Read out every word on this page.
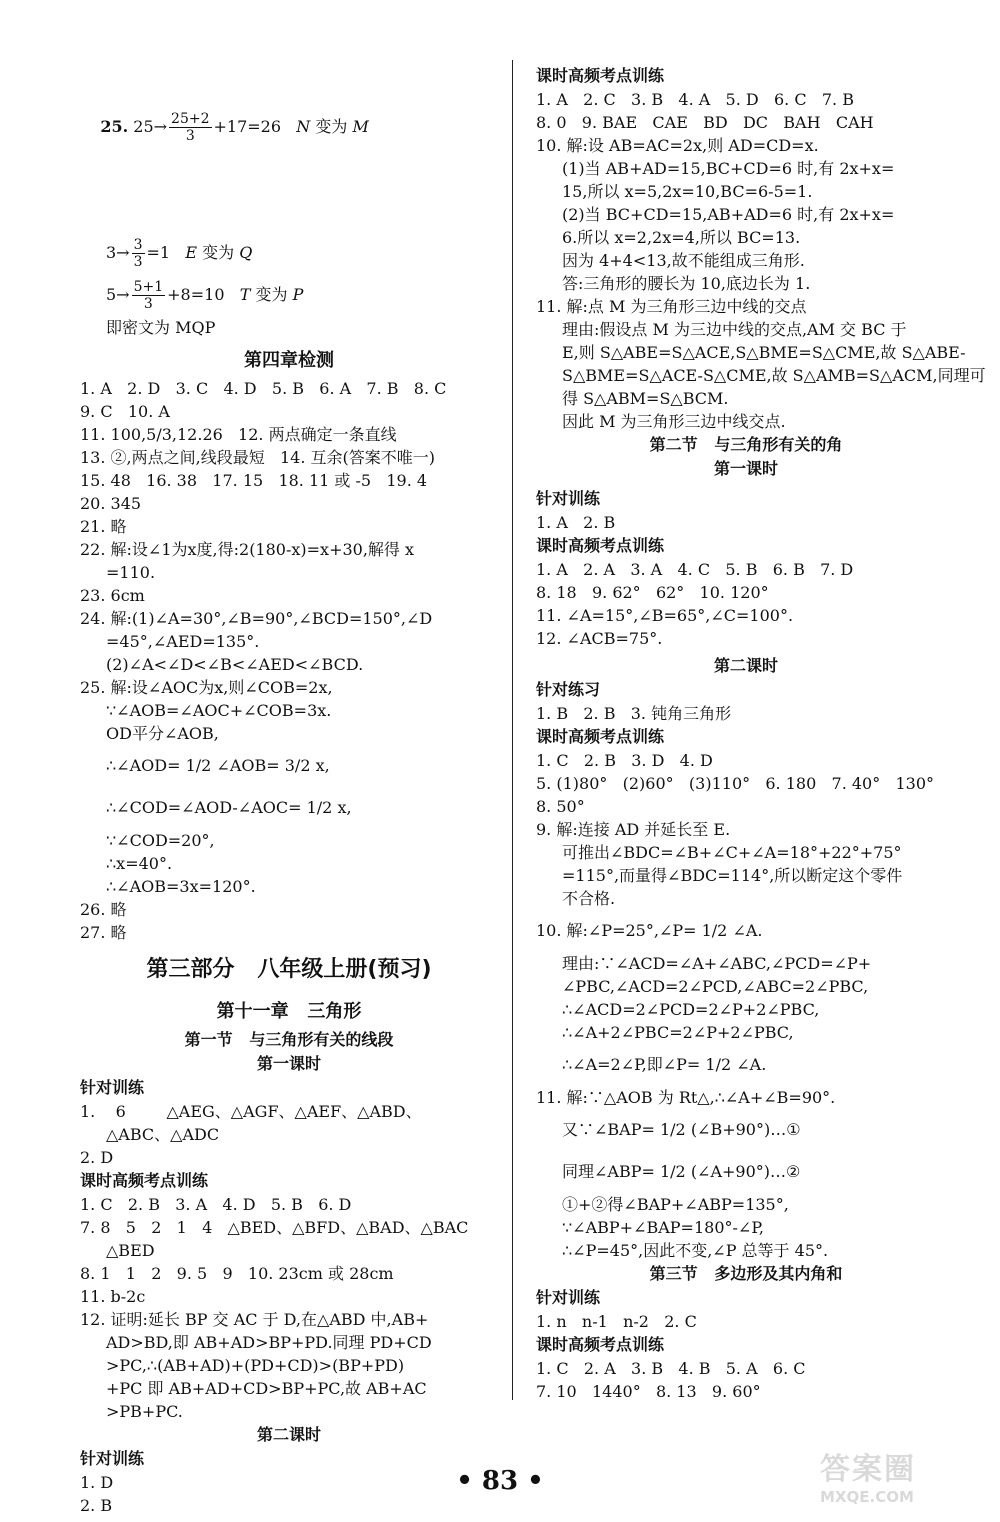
25. $25\to \frac{25+2}{3} +17=26$   N 变为 M

$3\to \frac{3}{3} =1$   E 变为 Q
$5\to \frac{5+1}{3} +8=10$   T 变为 P
即密文为 MQP
第四章检测
1. A   2. D   3. C   4. D   5. B   6. A   7. B   8. C
9. C   10. A
11. 100,5/3,12.26   12. 两点确定一条直线
13. ②,两点之间,线段最短   14. 互余(答案不唯一)
15. 48   16. 38   17. 15   18. 11 或 -5   19. 4
20. 345
21. 略
22. 解:设∠1为x度,得:2(180-x)=x+30,解得 x
=110.
23. 6cm
24. 解:(1)∠A=30°,∠B=90°,∠BCD=150°,∠D
=45°,∠AED=135°.
(2)∠A<∠D<∠B<∠AED<∠BCD.
25. 解:设∠AOC为x,则∠COB=2x,
∵∠AOB=∠AOC+∠COB=3x.
OD平分∠AOB,
∴∠AOD= 1/2 ∠AOB= 3/2 x,
∴∠COD=∠AOD-∠AOC= 1/2 x,
∵∠COD=20°,
∴x=40°.
∴∠AOB=3x=120°.
26. 略
27. 略
第三部分   八年级上册(预习)
第十一章   三角形
第一节   与三角形有关的线段
第一课时
针对训练
1.    6        △AEG、△AGF、△AEF、△ABD、
△ABC、△ADC
2. D
课时高频考点训练
1. C   2. B   3. A   4. D   5. B   6. D
7. 8   5   2   1   4   △BED、△BFD、△BAD、△BAC
△BED
8. 1   1   2   9. 5   9   10. 23cm 或 28cm
11. b-2c
12. 证明:延长 BP 交 AC 于 D,在△ABD 中,AB+
AD>BD,即 AB+AD>BP+PD.同理 PD+CD
>PC,∴(AB+AD)+(PD+CD)>(BP+PD)
+PC 即 AB+AD+CD>BP+PC,故 AB+AC
>PB+PC.
第二课时
针对训练
1. D
2. B
课时高频考点训练
1. A   2. C   3. B   4. A   5. D   6. C   7. B
8. 0   9. BAE   CAE   BD   DC   BAH   CAH
10. 解:设 AB=AC=2x,则 AD=CD=x.
(1)当 AB+AD=15,BC+CD=6 时,有 2x+x=
15,所以 x=5,2x=10,BC=6-5=1.
(2)当 BC+CD=15,AB+AD=6 时,有 2x+x=
6.所以 x=2,2x=4,所以 BC=13.
因为 4+4<13,故不能组成三角形.
答:三角形的腰长为 10,底边长为 1.
11. 解:点 M 为三角形三边中线的交点
理由:假设点 M 为三边中线的交点,AM 交 BC 于
E,则 S△ABE=S△ACE,S△BME=S△CME,故 S△ABE-
S△BME=S△ACE-S△CME,故 S△AMB=S△ACM,同理可
得 S△ABM=S△BCM.
因此 M 为三角形三边中线交点.
第二节   与三角形有关的角
第一课时
针对训练
1. A   2. B
课时高频考点训练
1. A   2. A   3. A   4. C   5. B   6. B   7. D
8. 18   9. 62°   62°   10. 120°
11. ∠A=15°,∠B=65°,∠C=100°.
12. ∠ACB=75°.
第二课时
针对练习
1. B   2. B   3. 钝角三角形
课时高频考点训练
1. C   2. B   3. D   4. D
5. (1)80°   (2)60°   (3)110°   6. 180   7. 40°   130°
8. 50°
9. 解:连接 AD 并延长至 E.
可推出∠BDC=∠B+∠C+∠A=18°+22°+75°
=115°,而量得∠BDC=114°,所以断定这个零件
不合格.
10. 解:∠P=25°,∠P= 1/2 ∠A.
理由:∵∠ACD=∠A+∠ABC,∠PCD=∠P+
∠PBC,∠ACD=2∠PCD,∠ABC=2∠PBC,
∴∠ACD=2∠PCD=2∠P+2∠PBC,
∴∠A+2∠PBC=2∠P+2∠PBC,
∴∠A=2∠P,即∠P= 1/2 ∠A.
11. 解:∵△AOB 为 Rt△,∴∠A+∠B=90°.
又∵∠BAP= 1/2 (∠B+90°)…①
同理∠ABP= 1/2 (∠A+90°)…②
①+②得∠BAP+∠ABP=135°,
∵∠ABP+∠BAP=180°-∠P,
∴∠P=45°,因此不变,∠P 总等于 45°.
第三节   多边形及其内角和
针对训练
1. n   n-1   n-2   2. C
课时高频考点训练
1. C   2. A   3. B   4. B   5. A   6. C
7. 10   1440°   8. 13   9. 60°
• 83 •	答案圈
MXQE.COM
